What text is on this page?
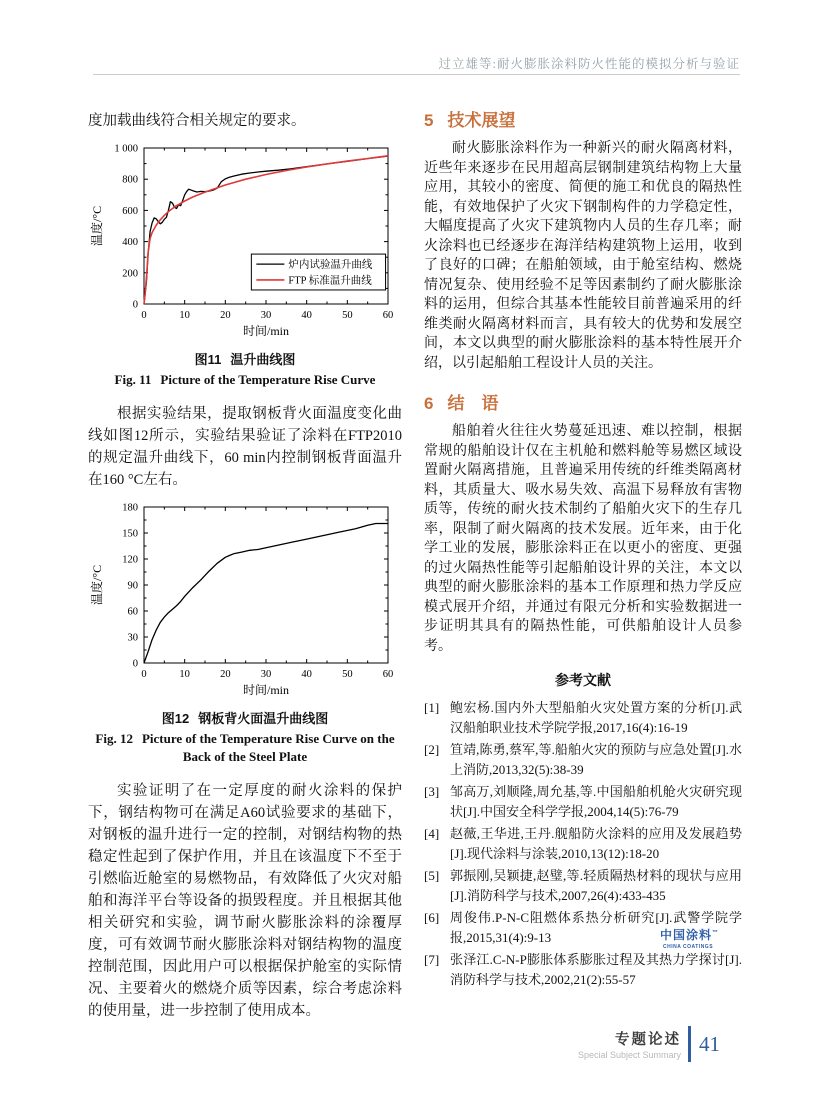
过立雄等:耐火膨胀涂料防火性能的模拟分析与验证

度加载曲线符合相关规定的要求。

0	10	20	30	40	50	60
0
200
400
600
800
1 000
时间/min
温度/°C
炉内试验温升曲线
FTP 标准温升曲线
图11 温升曲线图
Fig. 11 Picture of the Temperature Rise Curve

根据实验结果，提取钢板背火面温度变化曲线如图12所示，实验结果验证了涂料在FTP2010的规定温升曲线下，60 min内控制钢板背面温升在160 °C左右。

0	10	20	30	40	50	60
0
30
60
90
120
150
180
时间/min
温度/°C
图12 钢板背火面温升曲线图
Fig. 12 Picture of the Temperature Rise Curve on the Back of the Steel Plate

实验证明了在一定厚度的耐火涂料的保护下，钢结构物可在满足A60试验要求的基础下，对钢板的温升进行一定的控制，对钢结构物的热稳定性起到了保护作用，并且在该温度下不至于引燃临近舱室的易燃物品，有效降低了火灾对船舶和海洋平台等设备的损毁程度。并且根据其他相关研究和实验，调节耐火膨胀涂料的涂覆厚度，可有效调节耐火膨胀涂料对钢结构物的温度控制范围，因此用户可以根据保护舱室的实际情况、主要着火的燃烧介质等因素，综合考虑涂料的使用量，进一步控制了使用成本。

5 技术展望

耐火膨胀涂料作为一种新兴的耐火隔离材料，近些年来逐步在民用超高层钢制建筑结构物上大量应用，其较小的密度、简便的施工和优良的隔热性能，有效地保护了火灾下钢制构件的力学稳定性，大幅度提高了火灾下建筑物内人员的生存几率；耐火涂料也已经逐步在海洋结构建筑物上运用，收到了良好的口碑；在船舶领域，由于舱室结构、燃烧情况复杂、使用经验不足等因素制约了耐火膨胀涂料的运用，但综合其基本性能较目前普遍采用的纤维类耐火隔离材料而言，具有较大的优势和发展空间，本文以典型的耐火膨胀涂料的基本特性展开介绍，以引起船舶工程设计人员的关注。

6 结　语

船舶着火往往火势蔓延迅速、难以控制，根据常规的船舶设计仅在主机舱和燃料舱等易燃区域设置耐火隔离措施，且普遍采用传统的纤维类隔离材料，其质量大、吸水易失效、高温下易释放有害物质等，传统的耐火技术制约了船舶火灾下的生存几率，限制了耐火隔离的技术发展。近年来，由于化学工业的发展，膨胀涂料正在以更小的密度、更强的过火隔热性能等引起船舶设计界的关注，本文以典型的耐火膨胀涂料的基本工作原理和热力学反应模式展开介绍，并通过有限元分析和实验数据进一步证明其具有的隔热性能，可供船舶设计人员参考。

参考文献
[1] 鲍宏杨.国内外大型船舶火灾处置方案的分析[J].武汉船舶职业技术学院学报,2017,16(4):16-19
[2] 笪靖,陈勇,蔡军,等.船舶火灾的预防与应急处置[J].水上消防,2013,32(5):38-39
[3] 邹高万,刘顺隆,周允基,等.中国船舶机舱火灾研究现状[J].中国安全科学学报,2004,14(5):76-79
[4] 赵薇,王华进,王丹.舰船防火涂料的应用及发展趋势[J].现代涂料与涂装,2010,13(12):18-20
[5] 郭振刚,吴颖捷,赵璧,等.轻质隔热材料的现状与应用[J].消防科学与技术,2007,26(4):433-435
[6] 周俊伟.P-N-C阻燃体系热分析研究[J].武警学院学报,2015,31(4):9-13
[7] 张泽江.C-N-P膨胀体系膨胀过程及其热力学探讨[J].消防科学与技术,2002,21(2):55-57
中国涂料™
CHINA COATINGS
专题论述
Special Subject Summary 41
